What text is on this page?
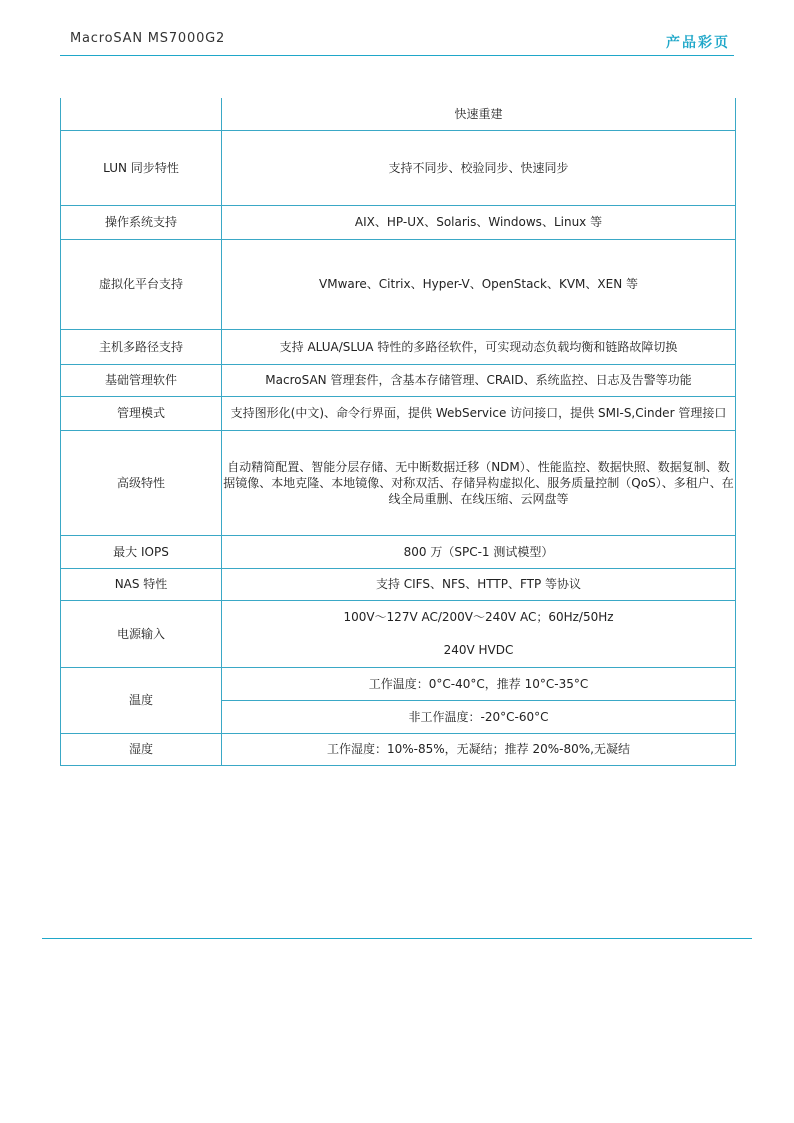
MacroSAN MS7000G2	产品彩页
	快速重建
LUN 同步特性	支持不同步、校验同步、快速同步
操作系统支持	AIX、HP-UX、Solaris、Windows、Linux 等
虚拟化平台支持	VMware、Citrix、Hyper-V、OpenStack、KVM、XEN 等
主机多路径支持	支持 ALUA/SLUA 特性的多路径软件，可实现动态负载均衡和链路故障切换
基础管理软件	MacroSAN 管理套件，含基本存储管理、CRAID、系统监控、日志及告警等功能
管理模式	支持图形化(中文)、命令行界面，提供 WebService 访问接口，提供 SMI-S,Cinder 管理接口
高级特性	自动精简配置、智能分层存储、无中断数据迁移（NDM）、性能监控、数据快照、数据复制、数据镜像、本地克隆、本地镜像、对称双活、存储异构虚拟化、服务质量控制（QoS）、多租户、在线全局重删、在线压缩、云网盘等
最大 IOPS	800 万（SPC-1 测试模型）
NAS 特性	支持 CIFS、NFS、HTTP、FTP 等协议
电源输入	100V～127V AC/200V～240V AC；60Hz/50Hz
240V HVDC

温度	工作温度：0°C-40°C，推荐 10°C-35°C
	非工作温度：-20°C-60°C
湿度	工作湿度：10%-85%，无凝结；推荐 20%-80%,无凝结
